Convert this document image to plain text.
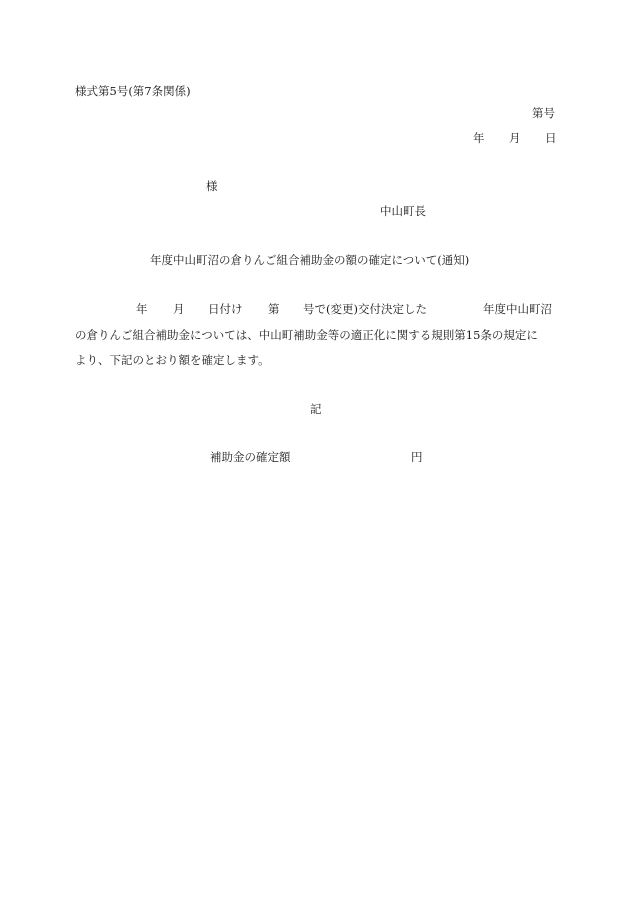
様式第5号(第7条関係)
第号
年 月 日
様
中山町長
年度中山町沼の倉りんご組合補助金の額の確定について(通知)
年 月 日付け 第 号で(変更)交付決定した	年度中山町沼
の倉りんご組合補助金については、中山町補助金等の適正化に関する規則第15条の規定に
より、下記のとおり額を確定します。
記
補助金の確定額	円
